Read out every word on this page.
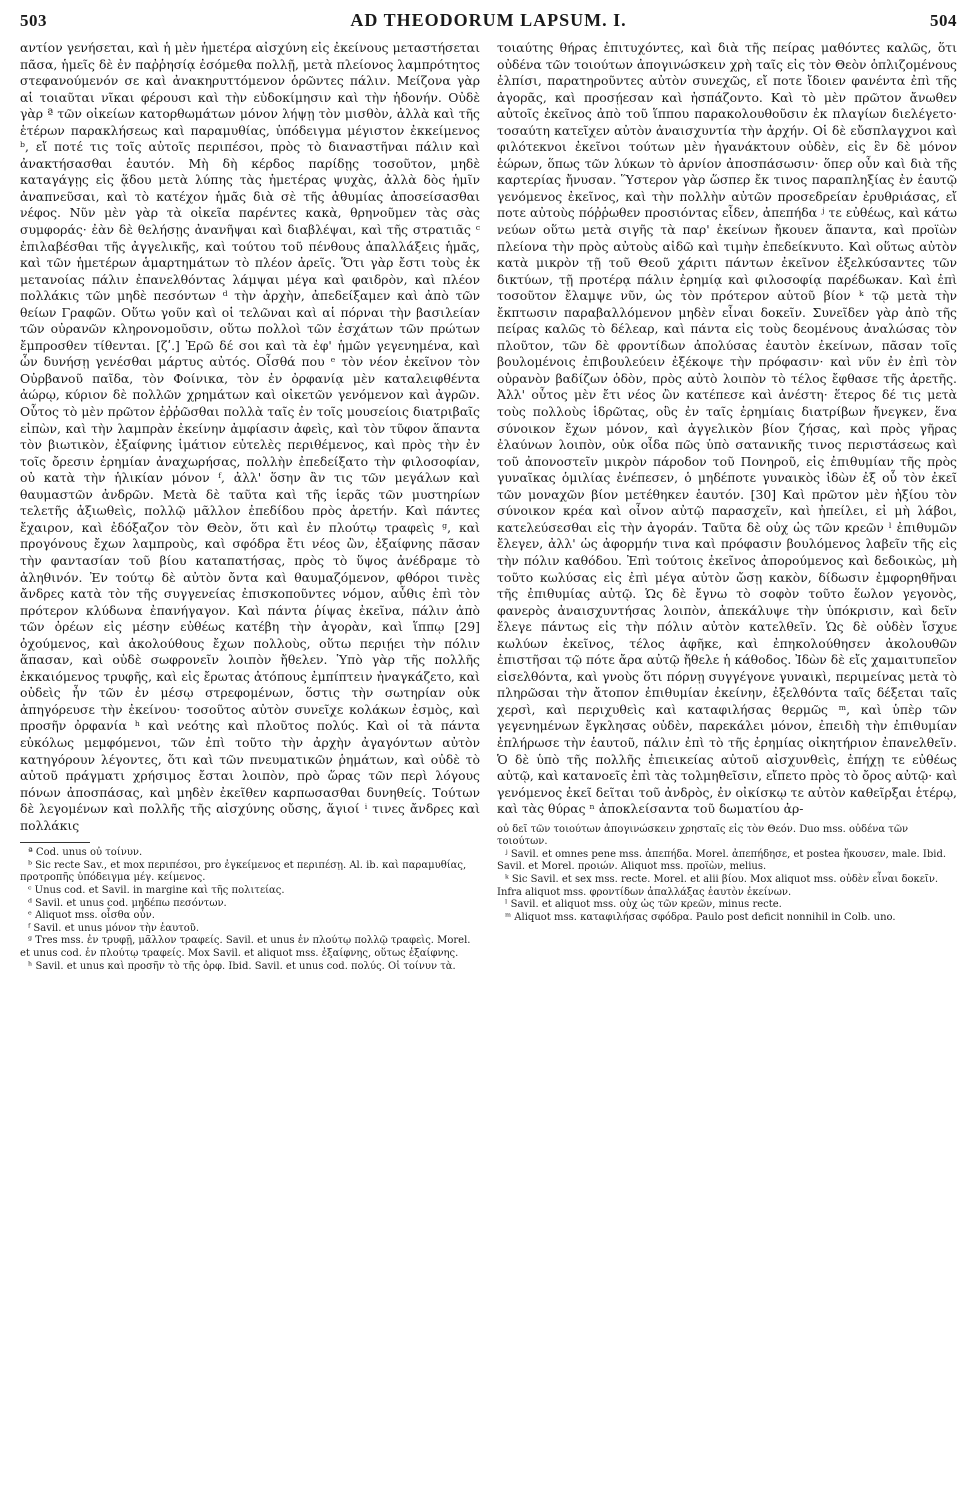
503	AD THEODORUM LAPSUM. I.	504

αντίον γενήσεται, καὶ ἡ μὲν ἡμετέρα αἰσχύνη εἰς ἐκείνους μεταστήσεται πᾶσα, ἡμεῖς δὲ ἐν παῤῥησίᾳ ἐσόμεθα πολλῇ, μετὰ πλείονος λαμπρότητος στεφανούμενόν σε καὶ ἀνακηρυττόμενον ὁρῶντες πάλιν. Μείζονα γὰρ αἱ τοιαῦται νῖκαι φέρουσι καὶ τὴν εὐδοκίμησιν καὶ τὴν ἡδονήν. Οὐδὲ γὰρ ª τῶν οἰκείων κατορθωμάτων μόνον λήψῃ τὸν μισθὸν, ἀλλὰ καὶ τῆς ἑτέρων παρακλήσεως καὶ παραμυθίας, ὑπόδειγμα μέγιστον ἐκκείμενος ᵇ, εἴ ποτέ τις τοῖς αὐτοῖς περιπέσοι, πρὸς τὸ διαναστῆναι πάλιν καὶ ἀνακτήσασθαι ἑαυτόν. Μὴ δὴ κέρδος παρίδῃς τοσοῦτον, μηδὲ καταγάγῃς εἰς ᾅδου μετὰ λύπης τὰς ἡμετέρας ψυχὰς, ἀλλὰ δὸς ἡμῖν ἀναπνεῦσαι, καὶ τὸ κατέχον ἡμᾶς διὰ σὲ τῆς ἀθυμίας ἀποσείσασθαι νέφος. Νῦν μὲν γὰρ τὰ οἰκεῖα παρέντες κακὰ, θρηνοῦμεν τὰς σὰς συμφοράς· ἐὰν δὲ θελήσῃς ἀνανῆψαι καὶ διαβλέψαι, καὶ τῆς στρατιᾶς ᶜ ἐπιλαβέσθαι τῆς ἀγγελικῆς, καὶ τούτου τοῦ πένθους ἀπαλλάξεις ἡμᾶς, καὶ τῶν ἡμετέρων ἁμαρτημάτων τὸ πλέον ἀρεῖς. Ὅτι γὰρ ἔστι τοὺς ἐκ μετανοίας πάλιν ἐπανελθόντας λάμψαι μέγα καὶ φαιδρὸν, καὶ πλέον πολλάκις τῶν μηδὲ πεσόντων ᵈ τὴν ἀρχὴν, ἀπεδείξαμεν καὶ ἀπὸ τῶν θείων Γραφῶν. Οὕτω γοῦν καὶ οἱ τελῶναι καὶ αἱ πόρναι τὴν βασιλείαν τῶν οὐρανῶν κληρονομοῦσιν, οὕτω πολλοὶ τῶν ἐσχάτων τῶν πρώτων ἔμπροσθεν τίθενται. [ζʹ.] Ἐρῶ δέ σοι καὶ τὰ ἐφ' ἡμῶν γεγενημένα, καὶ ὧν δυνήσῃ γενέσθαι μάρτυς αὐτός. Οἶσθά που ᵉ τὸν νέον ἐκεῖνον τὸν Οὐρβανοῦ παῖδα, τὸν Φοίνικα, τὸν ἐν ὀρφανίᾳ μὲν καταλειφθέντα ἀώρῳ, κύριον δὲ πολλῶν χρημάτων καὶ οἰκετῶν γενόμενον καὶ ἀγρῶν. Οὗτος τὸ μὲν πρῶτον ἐῤῥῶσθαι πολλὰ ταῖς ἐν τοῖς μουσείοις διατριβαῖς εἰπὼν, καὶ τὴν λαμπρὰν ἐκείνην ἀμφίασιν ἀφεὶς, καὶ τὸν τῦφον ἅπαντα τὸν βιωτικὸν, ἐξαίφνης ἱμάτιον εὐτελὲς περιθέμενος, καὶ πρὸς τὴν ἐν τοῖς ὄρεσιν ἐρημίαν ἀναχωρήσας, πολλὴν ἐπεδείξατο τὴν φιλοσοφίαν, οὐ κατὰ τὴν ἡλικίαν μόνον ᶠ, ἀλλ' ὅσην ἂν τις τῶν μεγάλων καὶ θαυμαστῶν ἀνδρῶν. Μετὰ δὲ ταῦτα καὶ τῆς ἱερᾶς τῶν μυστηρίων τελετῆς ἀξιωθεὶς, πολλῷ μᾶλλον ἐπεδίδου πρὸς ἀρετήν. Καὶ πάντες ἔχαιρον, καὶ ἐδόξαζον τὸν Θεὸν, ὅτι καὶ ἐν πλούτῳ τραφεὶς ᵍ, καὶ προγόνους ἔχων λαμπροὺς, καὶ σφόδρα ἔτι νέος ὢν, ἐξαίφνης πᾶσαν τὴν φαντασίαν τοῦ βίου καταπατήσας, πρὸς τὸ ὕψος ἀνέδραμε τὸ ἀληθινόν. Ἐν τούτῳ δὲ αὐτὸν ὄντα καὶ θαυμαζόμενον, φθόροι τινὲς ἄνδρες κατὰ τὸν τῆς συγγενείας ἐπισκοποῦντες νόμον, αὖθις ἐπὶ τὸν πρότερον κλύδωνα ἐπανήγαγον. Καὶ πάντα ῥίψας ἐκεῖνα, πάλιν ἀπὸ τῶν ὀρέων εἰς μέσην εὐθέως κατέβη τὴν ἀγορὰν, καὶ ἵππῳ [29] ὀχούμενος, καὶ ἀκολούθους ἔχων πολλοὺς, οὕτω περιῄει τὴν πόλιν ἅπασαν, καὶ οὐδὲ σωφρονεῖν λοιπὸν ἤθελεν. Ὑπὸ γὰρ τῆς πολλῆς ἐκκαιόμενος τρυφῆς, καὶ εἰς ἔρωτας ἀτόπους ἐμπίπτειν ἠναγκάζετο, καὶ οὐδεὶς ἦν τῶν ἐν μέσῳ στρεφομένων, ὅστις τὴν σωτηρίαν οὐκ ἀπηγόρευσε τὴν ἐκείνου· τοσοῦτος αὐτὸν συνεῖχε κολάκων ἐσμὸς, καὶ προσῆν ὀρφανία ʰ καὶ νεότης καὶ πλοῦτος πολύς. Καὶ οἱ τὰ πάντα εὐκόλως μεμφόμενοι, τῶν ἐπὶ τοῦτο τὴν ἀρχὴν ἀγαγόντων αὐτὸν κατηγόρουν λέγοντες, ὅτι καὶ τῶν πνευματικῶν ῥημάτων, καὶ οὐδὲ τὸ αὐτοῦ πράγματι χρήσιμος ἔσται λοιπὸν, πρὸ ὥρας τῶν περὶ λόγους πόνων ἀποσπάσας, καὶ μηδὲν ἐκεῖθεν καρπωσασθαι δυνηθείς. Τούτων δὲ λεγομένων καὶ πολλῆς τῆς αἰσχύνης οὔσης, ἅγιοί ⁱ τινες ἄνδρες καὶ πολλάκις

ª Cod. unus οὐ τοίνυν.

ᵇ Sic recte Sav., et mox περιπέσοι, pro ἐγκείμενος et περιπέσῃ. Al. ib. καὶ παραμυθίας, προτροπῆς ὑπόδειγμα μέγ. κείμενος.

ᶜ Unus cod. et Savil. in margine καὶ τῆς πολιτείας.

ᵈ Savil. et unus cod. μηδέπω πεσόντων.

ᵉ Aliquot mss. οἶσθα οὖν.

ᶠ Savil. et unus μόνον τὴν ἑαυτοῦ.

ᵍ Tres mss. ἐν τρυφῇ, μᾶλλον τραφείς. Savil. et unus ἐν πλούτῳ πολλῷ τραφεὶς. Morel. et unus cod. ἐν πλούτῳ τραφείς. Mox Savil. et aliquot mss. ἐξαίφνης, οὕτως ἐξαίφνης.

ʰ Savil. et unus καὶ προσῆν τὸ τῆς ὀρφ. Ibid. Savil. et unus cod. πολύς. Οἱ τοίνυν τὰ.

τοιαύτης θήρας ἐπιτυχόντες, καὶ διὰ τῆς πείρας μαθόντες καλῶς, ὅτι οὐδένα τῶν τοιούτων ἀπογινώσκειν χρὴ ταῖς εἰς τὸν Θεὸν ὁπλιζομένους ἐλπίσι, παρατηροῦντες αὐτὸν συνεχῶς, εἴ ποτε ἴδοιεν φανέντα ἐπὶ τῆς ἀγορᾶς, καὶ προσῄεσαν καὶ ἠσπάζοντο. Καὶ τὸ μὲν πρῶτον ἄνωθεν αὐτοῖς ἐκεῖνος ἀπὸ τοῦ ἵππου παρακολουθοῦσιν ἐκ πλαγίων διελέγετο· τοσαύτη κατεῖχεν αὐτὸν ἀναισχυντία τὴν ἀρχήν. Οἱ δὲ εὔσπλαγχνοι καὶ φιλότεκνοι ἐκεῖνοι τούτων μὲν ἠγανάκτουν οὐδὲν, εἰς ἓν δὲ μόνον ἑώρων, ὅπως τῶν λύκων τὸ ἀρνίον ἀποσπάσωσιν· ὅπερ οὖν καὶ διὰ τῆς καρτερίας ἤνυσαν. Ὕστερον γὰρ ὥσπερ ἔκ τινος παραπληξίας ἐν ἑαυτῷ γενόμενος ἐκεῖνος, καὶ τὴν πολλὴν αὐτῶν προσεδρείαν ἐρυθριάσας, εἴ ποτε αὐτοὺς πόῤῥωθεν προσιόντας εἶδεν, ἀπεπήδα ʲ τε εὐθέως, καὶ κάτω νεύων οὕτω μετὰ σιγῆς τὰ παρ' ἐκείνων ἤκουεν ἅπαντα, καὶ προϊὼν πλείονα τὴν πρὸς αὐτοὺς αἰδῶ καὶ τιμὴν ἐπεδείκνυτο. Καὶ οὕτως αὐτὸν κατὰ μικρὸν τῇ τοῦ Θεοῦ χάριτι πάντων ἐκεῖνον ἐξελκύσαντες τῶν δικτύων, τῇ προτέρᾳ πάλιν ἐρημίᾳ καὶ φιλοσοφίᾳ παρέδωκαν. Καὶ ἐπὶ τοσοῦτον ἔλαμψε νῦν, ὡς τὸν πρότερον αὐτοῦ βίον ᵏ τῷ μετὰ τὴν ἔκπτωσιν παραβαλλόμενον μηδὲν εἶναι δοκεῖν. Συνεῖδεν γὰρ ἀπὸ τῆς πείρας καλῶς τὸ δέλεαρ, καὶ πάντα εἰς τοὺς δεομένους ἀναλώσας τὸν πλοῦτον, τῶν δὲ φροντίδων ἀπολύσας ἑαυτὸν ἐκείνων, πᾶσαν τοῖς βουλομένοις ἐπιβουλεύειν ἐξέκοψε τὴν πρόφασιν· καὶ νῦν ἐν ἐπὶ τὸν οὐρανὸν βαδίζων ὁδὸν, πρὸς αὐτὸ λοιπὸν τὸ τέλος ἔφθασε τῆς ἀρετῆς. Ἀλλ' οὗτος μὲν ἔτι νέος ὢν κατέπεσε καὶ ἀνέστη· ἕτερος δέ τις μετὰ τοὺς πολλοὺς ἱδρῶτας, οὓς ἐν ταῖς ἐρημίαις διατρίβων ἤνεγκεν, ἕνα σύνοικον ἔχων μόνον, καὶ ἀγγελικὸν βίον ζήσας, καὶ πρὸς γῆρας ἐλαύνων λοιπὸν, οὐκ οἶδα πῶς ὑπὸ σατανικῆς τινος περιστάσεως καὶ τοῦ ἀπονοστεῖν μικρὸν πάροδον τοῦ Πονηροῦ, εἰς ἐπιθυμίαν τῆς πρὸς γυναῖκας ὁμιλίας ἐνέπεσεν, ὁ μηδέποτε γυναικὸς ἰδὼν ἐξ οὗ τὸν ἐκεῖ τῶν μοναχῶν βίον μετέθηκεν ἑαυτόν. [30] Καὶ πρῶτον μὲν ἠξίου τὸν σύνοικον κρέα καὶ οἶνον αὐτῷ παρασχεῖν, καὶ ἠπείλει, εἰ μὴ λάβοι, κατελεύσεσθαι εἰς τὴν ἀγοράν. Ταῦτα δὲ οὐχ ὡς τῶν κρεῶν ˡ ἐπιθυμῶν ἔλεγεν, ἀλλ' ὡς ἀφορμήν τινα καὶ πρόφασιν βουλόμενος λαβεῖν τῆς εἰς τὴν πόλιν καθόδου. Ἐπὶ τούτοις ἐκεῖνος ἀπορούμενος καὶ δεδοικὼς, μὴ τοῦτο κωλύσας εἰς ἐπὶ μέγα αὐτὸν ὤσῃ κακὸν, δίδωσιν ἐμφορηθῆναι τῆς ἐπιθυμίας αὐτῷ. Ὡς δὲ ἔγνω τὸ σοφὸν τοῦτο ἕωλον γεγονὸς, φανερὸς ἀναισχυντήσας λοιπὸν, ἀπεκάλυψε τὴν ὑπόκρισιν, καὶ δεῖν ἔλεγε πάντως εἰς τὴν πόλιν αὐτὸν κατελθεῖν. Ὡς δὲ οὐδὲν ἴσχυε κωλύων ἐκεῖνος, τέλος ἀφῆκε, καὶ ἐπηκολούθησεν ἀκολουθῶν ἐπιστῆσαι τῷ πότε ἄρα αὐτῷ ἤθελε ἡ κάθοδος. Ἰδὼν δὲ εἴς χαμαιτυπεῖον εἰσελθόντα, καὶ γνοὺς ὅτι πόρνῃ συγγέγονε γυναικὶ, περιμείνας μετὰ τὸ πληρῶσαι τὴν ἄτοπον ἐπιθυμίαν ἐκείνην, ἐξελθόντα ταῖς δέξεται ταῖς χερσὶ, καὶ περιχυθεὶς καὶ καταφιλήσας θερμῶς ᵐ, καὶ ὑπὲρ τῶν γεγενημένων ἔγκλησας οὐδὲν, παρεκάλει μόνον, ἐπειδὴ τὴν ἐπιθυμίαν ἐπλήρωσε τὴν ἑαυτοῦ, πάλιν ἐπὶ τὸ τῆς ἐρημίας οἰκητήριον ἐπανελθεῖν. Ὁ δὲ ὑπὸ τῆς πολλῆς ἐπιεικείας αὐτοῦ αἰσχυνθεὶς, ἐπήχῃ τε εὐθέως αὐτῷ, καὶ κατανοεῖς ἐπὶ τὰς τολμηθεῖσιν, εἴπετο πρὸς τὸ ὄρος αὐτῷ· καὶ γενόμενος ἐκεῖ δεῖται τοῦ ἀνδρὸς, ἐν οἰκίσκῳ τε αὐτὸν καθεῖρξαι ἑτέρῳ, καὶ τὰς θύρας ⁿ ἀποκλείσαντα τοῦ δωματίου ἀρ-

οὐ δεῖ τῶν τοιούτων ἀπογινώσκειν χρησταῖς εἰς τὸν Θεόν. Duo mss. οὐδένα τῶν τοιούτων.

ʲ Savil. et omnes pene mss. ἀπεπήδα. Morel. ἀπεπήδησε, et postea ἤκουσεν, male. Ibid. Savil. et Morel. προιών. Aliquot mss. προϊὼν, melius.

ᵏ Sic Savil. et sex mss. recte. Morel. et alii βίου. Mox aliquot mss. οὐδὲν εἶναι δοκεῖν. Infra aliquot mss. φροντίδων ἀπαλλάξας ἑαυτὸν ἐκείνων.

ˡ Savil. et aliquot mss. οὐχ ὡς τῶν κρεῶν, minus recte.

ᵐ Aliquot mss. καταφιλήσας σφόδρα. Paulo post deficit nonnihil in Colb. uno.
